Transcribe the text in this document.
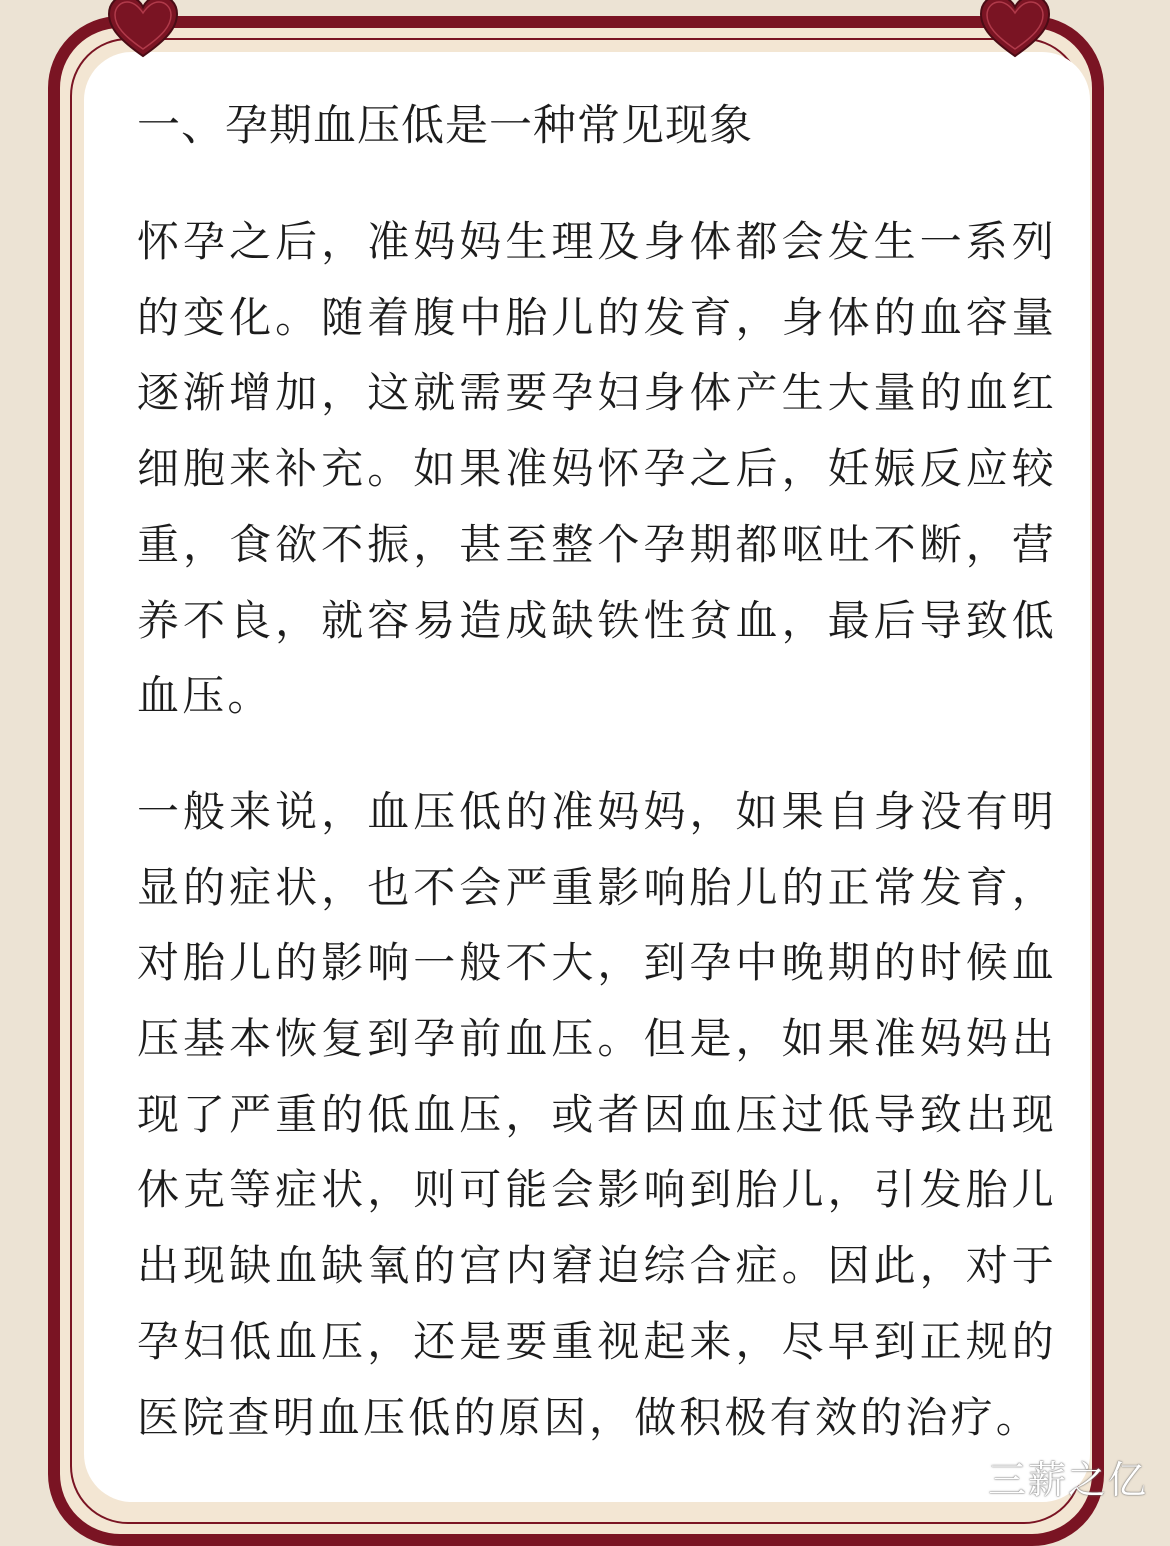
一、孕期血压低是一种常见现象

怀孕之后，准妈妈生理及身体都会发生一系列的变化。随着腹中胎儿的发育，身体的血容量逐渐增加，这就需要孕妇身体产生大量的血红细胞来补充。如果准妈怀孕之后，妊娠反应较重，食欲不振，甚至整个孕期都呕吐不断，营养不良，就容易造成缺铁性贫血，最后导致低血压。

一般来说，血压低的准妈妈，如果自身没有明显的症状，也不会严重影响胎儿的正常发育，对胎儿的影响一般不大，到孕中晚期的时候血压基本恢复到孕前血压。但是，如果准妈妈出现了严重的低血压，或者因血压过低导致出现休克等症状，则可能会影响到胎儿，引发胎儿出现缺血缺氧的宫内窘迫综合症。因此，对于孕妇低血压，还是要重视起来，尽早到正规的医院查明血压低的原因，做积极有效的治疗。

三薪之亿
